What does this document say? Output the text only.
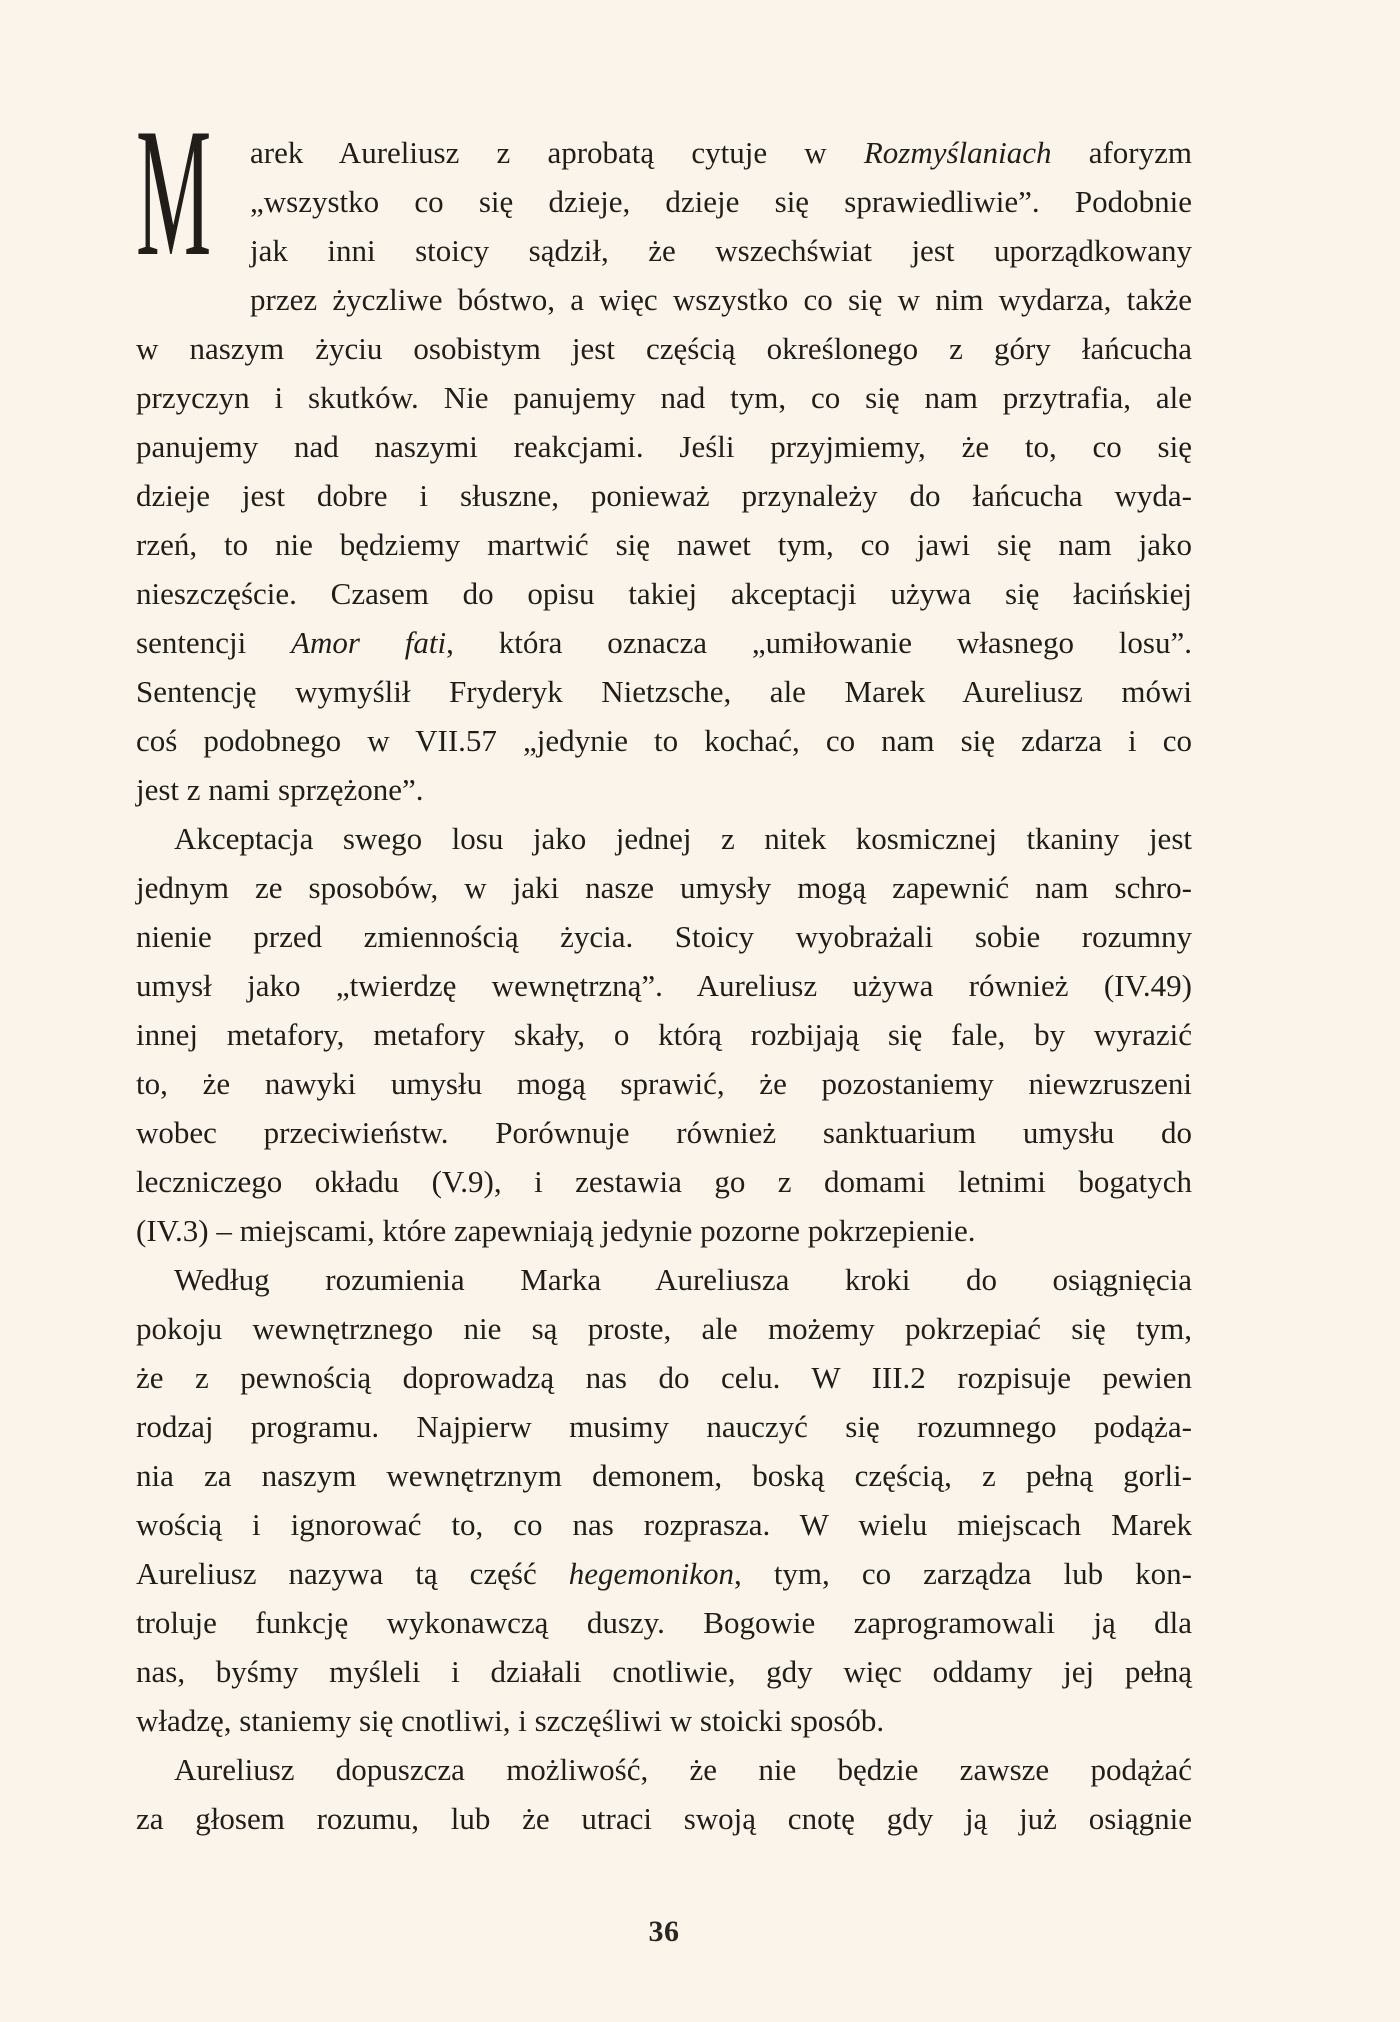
M	arek Aureliusz z aprobatą cytuje w Rozmyślaniach aforyzm
„wszystko co się dzieje, dzieje się sprawiedliwie”. Podobnie
jak inni stoicy sądził, że wszechświat jest uporządkowany
przez życzliwe bóstwo, a więc wszystko co się w nim wydarza, także
w naszym życiu osobistym jest częścią określonego z góry łańcucha
przyczyn i skutków. Nie panujemy nad tym, co się nam przytrafia, ale
panujemy nad naszymi reakcjami. Jeśli przyjmiemy, że to, co się
dzieje jest dobre i słuszne, ponieważ przynależy do łańcucha wyda-
rzeń, to nie będziemy martwić się nawet tym, co jawi się nam jako
nieszczęście. Czasem do opisu takiej akceptacji używa się łacińskiej
sentencji Amor fati, która oznacza „umiłowanie własnego losu”.
Sentencję wymyślił Fryderyk Nietzsche, ale Marek Aureliusz mówi
coś podobnego w VII.57 „jedynie to kochać, co nam się zdarza i co
jest z nami sprzężone”.
Akceptacja swego losu jako jednej z nitek kosmicznej tkaniny jest
jednym ze sposobów, w jaki nasze umysły mogą zapewnić nam schro-
nienie przed zmiennością życia. Stoicy wyobrażali sobie rozumny
umysł jako „twierdzę wewnętrzną”. Aureliusz używa również (IV.49)
innej metafory, metafory skały, o którą rozbijają się fale, by wyrazić
to, że nawyki umysłu mogą sprawić, że pozostaniemy niewzruszeni
wobec przeciwieństw. Porównuje również sanktuarium umysłu do
leczniczego okładu (V.9), i zestawia go z domami letnimi bogatych
(IV.3) – miejscami, które zapewniają jedynie pozorne pokrzepienie.
Według rozumienia Marka Aureliusza kroki do osiągnięcia
pokoju wewnętrznego nie są proste, ale możemy pokrzepiać się tym,
że z pewnością doprowadzą nas do celu. W III.2 rozpisuje pewien
rodzaj programu. Najpierw musimy nauczyć się rozumnego podąża-
nia za naszym wewnętrznym demonem, boską częścią, z pełną gorli-
wością i ignorować to, co nas rozprasza. W wielu miejscach Marek
Aureliusz nazywa tą część hegemonikon, tym, co zarządza lub kon-
troluje funkcję wykonawczą duszy. Bogowie zaprogramowali ją dla
nas, byśmy myśleli i działali cnotliwie, gdy więc oddamy jej pełną
władzę, staniemy się cnotliwi, i szczęśliwi w stoicki sposób.
Aureliusz dopuszcza możliwość, że nie będzie zawsze podążać
za głosem rozumu, lub że utraci swoją cnotę gdy ją już osiągnie
36
